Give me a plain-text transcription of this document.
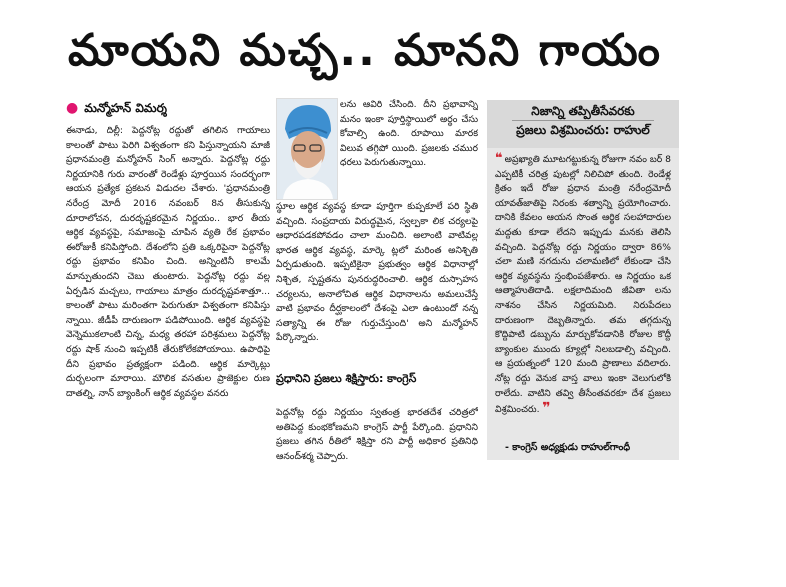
మాయని మచ్చ.. మానని గాయం
● మన్మోహన్ విమర్శ

ఈనాడు, దిల్లీ: పెద్దనోట్ల రద్దుతో తగిలిన గాయాలు కాలంతో పాటు పెరిగి విశ్వతంగా కని పిస్తున్నాయని మాజీ ప్రధానమంత్రి మన్మోహన్ సింగ్ అన్నారు. పెద్దనోట్ల రద్దు నిర్ణయానికి గురు వారంతో రెండేళ్లు పూర్తయిన సందర్భంగా ఆయన ప్రత్యేక ప్రకటన విడుదల చేశారు. 'ప్రధానమంత్రి నరేంద్ర మోదీ 2016 నవంబర్ 8న తీసుకున్న దూరాలోచన, దురదృష్టకరమైన నిర్ణయం.. భార తీయ ఆర్థిక వ్యవస్థపై, సమాజంపై చూపిన వ్యతి రేక ప్రభావం ఈరోజుకీ కనిపిస్తోంది. దేశంలోని ప్రతి ఒక్కరిపైనా పెద్దనోట్ల రద్దు ప్రభావం కనిపిం చింది. అన్నింటినీ కాలమే మాన్పుతుందని చెబు తుంటారు. పెద్దనోట్ల రద్దు వల్ల ఏర్పడిన మచ్చలు, గాయాలు మాత్రం దురదృష్టవశాత్తూ... కాలంతో పాటు మరింతగా పెరుగుతూ విశ్వతంగా కనిపిస్తు న్నాయి. జీడీపీ దారుణంగా పడిపోయింది. ఆర్థిక వ్యవస్థపై వెన్నెముకలాంటి చిన్న, మధ్య తరహా పరిశ్రమలు పెద్దనోట్ల రద్దు షాక్ నుంచి ఇప్పటికీ తేరుకోలేకపోయాయి. ఉపాధిపై దీని ప్రభావం ప్రత్యక్షంగా పడింది. ఆర్థిక మార్కెట్లు దుర్బలంగా మారాయి. మౌలిక వసతుల ప్రాజెక్టుల రుణ దాతల్ని, నాన్ బ్యాంకింగ్ ఆర్థిక వ్యవస్థల వనరు

లను ఆవిరి చేసింది. దీని ప్రభావాన్ని మనం ఇంకా పూర్తిస్థాయిలో అర్థం చేసు కోవాల్సి ఉంది. రూపాయి మారక విలువ తగ్గిపో యింది. ప్రజలకు చముర ధరలు పెరుగుతున్నాయి.

స్థూల ఆర్థిక వ్యవస్థ కూడా పూర్తిగా కుప్పకూలే పరి స్థితి వచ్చింది. సంప్రదాయ విరుద్ధమైన, స్వల్పకా లిక చర్యలపై ఆధారపడకపోవడం చాలా మంచిది. అలాంటి వాటివల్ల భారత ఆర్థిక వ్యవస్థ, మార్కె ట్లలో మరింత అనిశ్చితి ఏర్పడుతుంది. ఇప్పటికైనా ప్రభుత్వం ఆర్థిక విధానాల్లో నిశ్చిత, స్పష్టతను పునరుద్ధరించాలి. ఆర్థిక దుస్సాహస చర్యలను, అనాలోచిత ఆర్థిక విధానాలను అమలుచేస్తే వాటి ప్రభావం దీర్ఘకాలంలో దేశంపై ఎలా ఉంటుందో నన్న సత్యాన్ని ఈ రోజు గుర్తుచేస్తుంది' అని మన్మోహన్ పేర్కొన్నారు.

ప్రధానిని ప్రజలు శిక్షిస్తారు: కాంగ్రెస్

పెద్దనోట్ల రద్దు నిర్ణయం స్వతంత్ర భారతదేశ చరిత్రలో అతిపెద్ద కుంభకోణమని కాంగ్రెస్ పార్టీ పేర్కొంది. ప్రధానిని ప్రజలు తగిన రీతిలో శిక్షిస్తా రని పార్టీ అధికార ప్రతినిధి ఆనంద్‌శర్మ చెప్పారు.

నిజాన్ని తప్పితీసేవరకు
ప్రజలు విశ్రమించరు: రాహుల్
❝ అప్రఖ్యాతి మూటగట్టుకున్న రోజుగా నవం బర్ 8 ఎప్పటికీ చరిత్ర పుటల్లో నిలిచిపో తుంది. రెండేళ్ల క్రితం ఇదే రోజు ప్రధాన మంత్రి నరేంద్రమోదీ యావత్‌జాతిపై నిరంకు శత్వాన్ని ప్రయోగించారు. దానికి కేవలం ఆయన సొంత ఆర్థిక సలహాదారుల మద్దతు కూడా లేదని ఇప్పుడు మనకు తెలిసి వచ్చింది. పెద్దనోట్ల రద్దు నిర్ణయం ద్వారా 86% చలా మణి నగదును చలామణిలో లేకుండా చేసి ఆర్థిక వ్యవస్థను స్తంభింపజేశారు. ఆ నిర్ణయం ఒక ఆత్మాహుతిదాడి. లక్షలాదిమంది జీవితా లను నాశనం చేసిన నిర్ణయమిది. నిరుపేదలు దారుణంగా దెబ్బతిన్నారు. తమ తగ్గదున్న కొద్దిపాటి డబ్బును మార్చుకోవడానికి రోజుల కొద్దీ బ్యాంకుల ముందు క్యూల్లో నిలబడాల్సి వచ్చింది. ఆ ప్రయత్నంలో 120 మంది ప్రాణాలు వదిలారు. నోట్ల రద్దు వెనుక వాస్త వాలు ఇంకా వెలుగులోకి రాలేదు. వాటిని తవ్వి తీసేంతవరకూ దేశ ప్రజలు విశ్రమించరు. ❞
- కాంగ్రెస్ అధ్యక్షుడు రాహుల్‌గాంధీ
